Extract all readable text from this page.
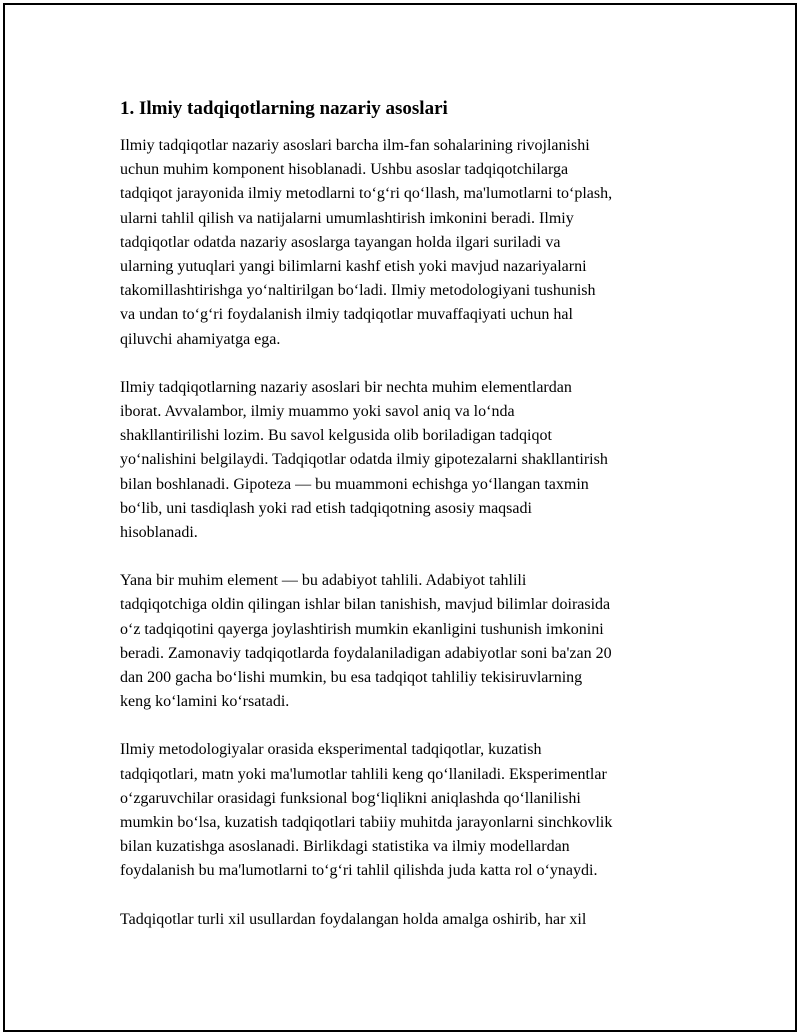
1. Ilmiy tadqiqotlarning nazariy asoslari
Ilmiy tadqiqotlar nazariy asoslari barcha ilm-fan sohalarining rivojlanishi
uchun muhim komponent hisoblanadi. Ushbu asoslar tadqiqotchilarga
tadqiqot jarayonida ilmiy metodlarni to‘g‘ri qo‘llash, ma'lumotlarni to‘plash,
ularni tahlil qilish va natijalarni umumlashtirish imkonini beradi. Ilmiy
tadqiqotlar odatda nazariy asoslarga tayangan holda ilgari suriladi va
ularning yutuqlari yangi bilimlarni kashf etish yoki mavjud nazariyalarni
takomillashtirishga yo‘naltirilgan bo‘ladi. Ilmiy metodologiyani tushunish
va undan to‘g‘ri foydalanish ilmiy tadqiqotlar muvaffaqiyati uchun hal
qiluvchi ahamiyatga ega.
Ilmiy tadqiqotlarning nazariy asoslari bir nechta muhim elementlardan
iborat. Avvalambor, ilmiy muammo yoki savol aniq va lo‘nda
shakllantirilishi lozim. Bu savol kelgusida olib boriladigan tadqiqot
yo‘nalishini belgilaydi. Tadqiqotlar odatda ilmiy gipotezalarni shakllantirish
bilan boshlanadi. Gipoteza — bu muammoni echishga yo‘llangan taxmin
bo‘lib, uni tasdiqlash yoki rad etish tadqiqotning asosiy maqsadi
hisoblanadi.
Yana bir muhim element — bu adabiyot tahlili. Adabiyot tahlili
tadqiqotchiga oldin qilingan ishlar bilan tanishish, mavjud bilimlar doirasida
o‘z tadqiqotini qayerga joylashtirish mumkin ekanligini tushunish imkonini
beradi. Zamonaviy tadqiqotlarda foydalaniladigan adabiyotlar soni ba'zan 20
dan 200 gacha bo‘lishi mumkin, bu esa tadqiqot tahliliy tekisiruvlarning
keng ko‘lamini ko‘rsatadi.
Ilmiy metodologiyalar orasida eksperimental tadqiqotlar, kuzatish
tadqiqotlari, matn yoki ma'lumotlar tahlili keng qo‘llaniladi. Eksperimentlar
o‘zgaruvchilar orasidagi funksional bog‘liqlikni aniqlashda qo‘llanilishi
mumkin bo‘lsa, kuzatish tadqiqotlari tabiiy muhitda jarayonlarni sinchkovlik
bilan kuzatishga asoslanadi. Birlikdagi statistika va ilmiy modellardan
foydalanish bu ma'lumotlarni to‘g‘ri tahlil qilishda juda katta rol o‘ynaydi.
Tadqiqotlar turli xil usullardan foydalangan holda amalga oshirib, har xil
